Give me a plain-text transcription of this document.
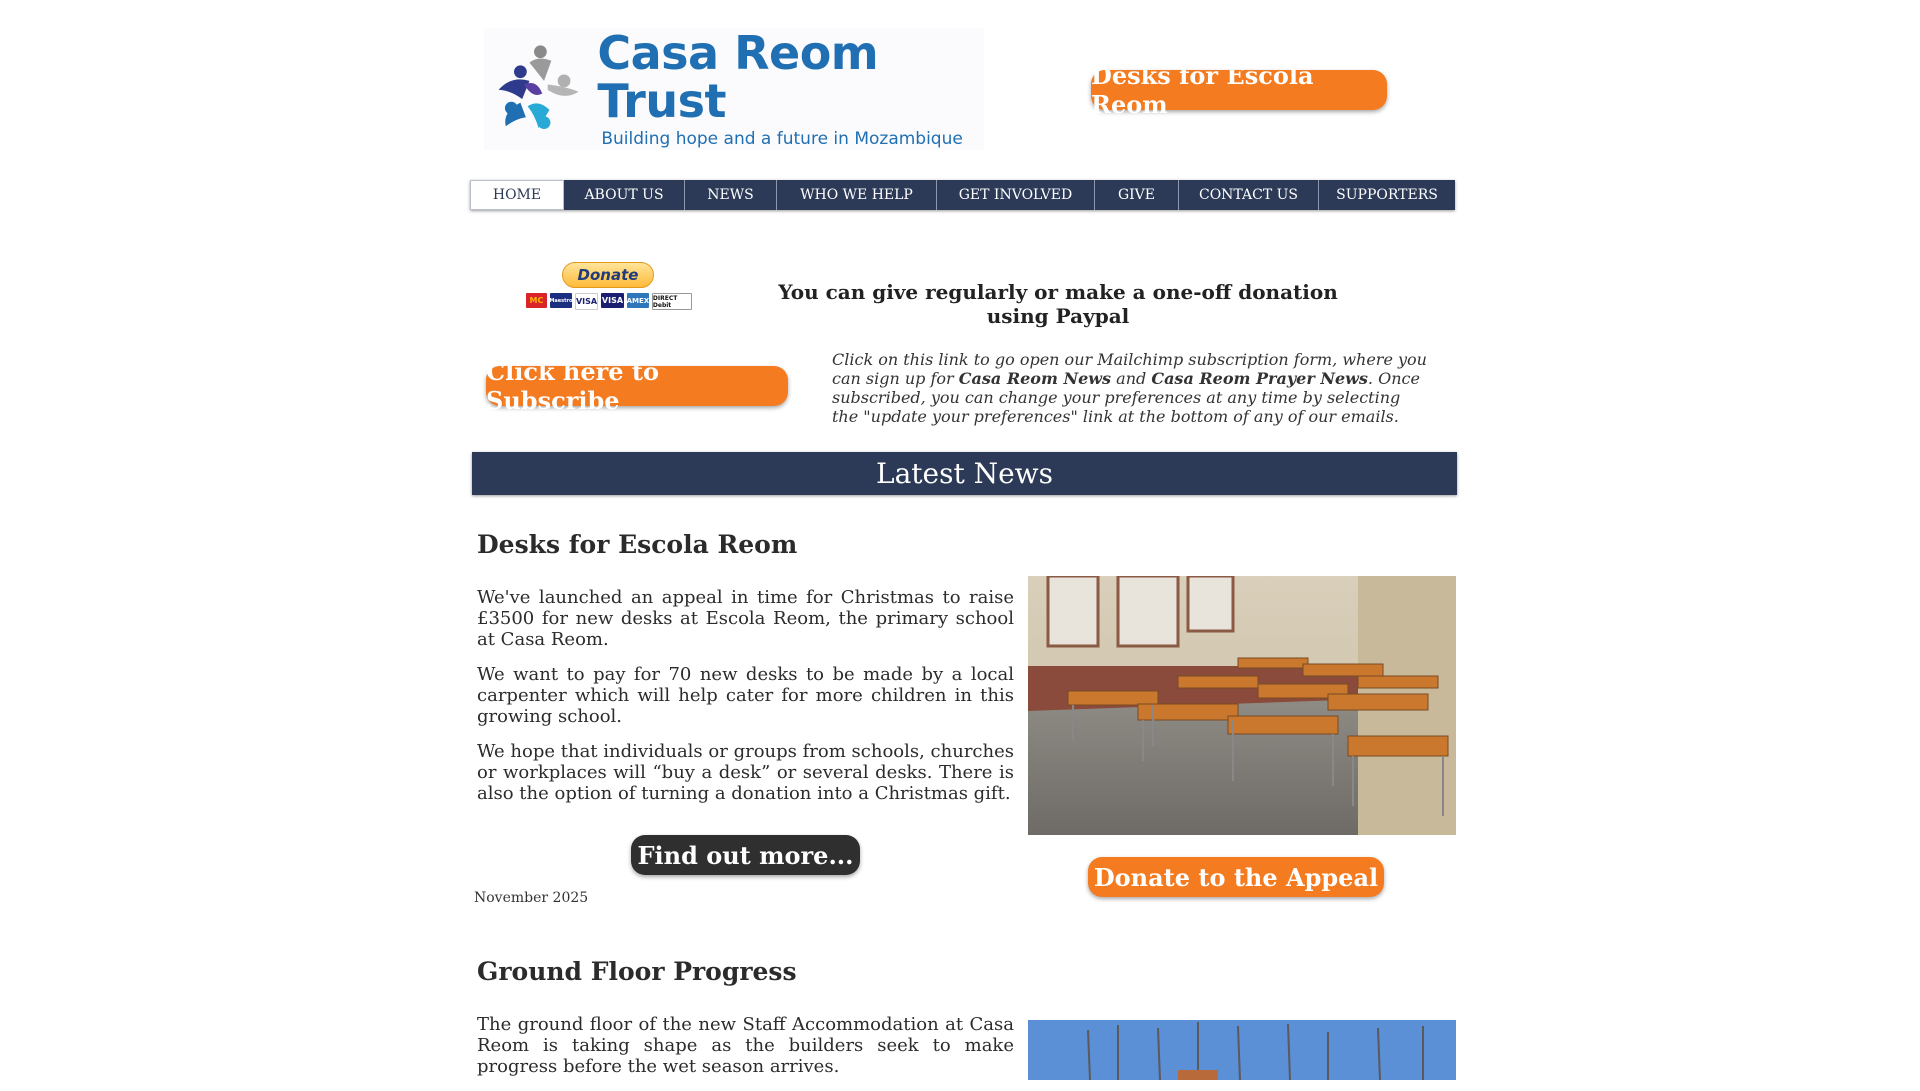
Casa Reom Trust
Building hope and a future in Mozambique
Desks for Escola Reom
HOME	ABOUT US	NEWS	WHO WE HELP	GET INVOLVED	GIVE	CONTACT US	SUPPORTERS
Donate
MC	Maestro VISA VISA AMEX DIRECT Debit
You can give regularly or make a one-off donation using Paypal
Click here to Subscribe
Click on this link to go open our Mailchimp subscription form, where you can sign up for Casa Reom News and Casa Reom Prayer News. Once subscribed, you can change your preferences at any time by selecting the "update your preferences" link at the bottom of any of our emails.
Latest News
Desks for Escola Reom

We've launched an appeal in time for Christmas to raise £3500 for new desks at Escola Reom, the primary school at Casa Reom.

We want to pay for 70 new desks to be made by a local carpenter which will help cater for more children in this growing school.

We hope that individuals or groups from schools, churches or workplaces will “buy a desk” or several desks. There is also the option of turning a donation into a Christmas gift.

Find out more...
November 2025
Donate to the Appeal
Ground Floor Progress

The ground floor of the new Staff Accommodation at Casa Reom is taking shape as the builders seek to make progress before the wet season arrives.
